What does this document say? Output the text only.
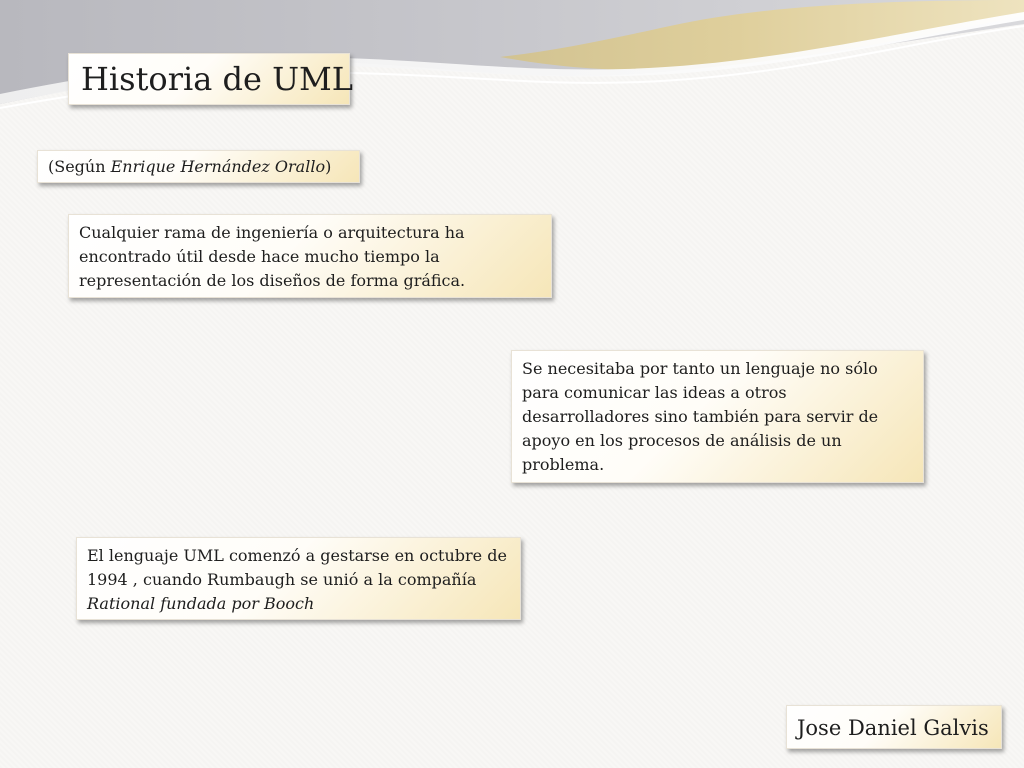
Historia de UML
(Según Enrique Hernández Orallo)
Cualquier rama de ingeniería o arquitectura ha encontrado útil desde hace mucho tiempo la representación de los diseños de forma gráfica.
Se necesitaba por tanto un lenguaje no sólo para comunicar las ideas a otros desarrolladores sino también para servir de apoyo en los procesos de análisis de un problema.
El lenguaje UML comenzó a gestarse en octubre de 1994 , cuando Rumbaugh se unió a la compañía Rational fundada por Booch
Jose Daniel Galvis
